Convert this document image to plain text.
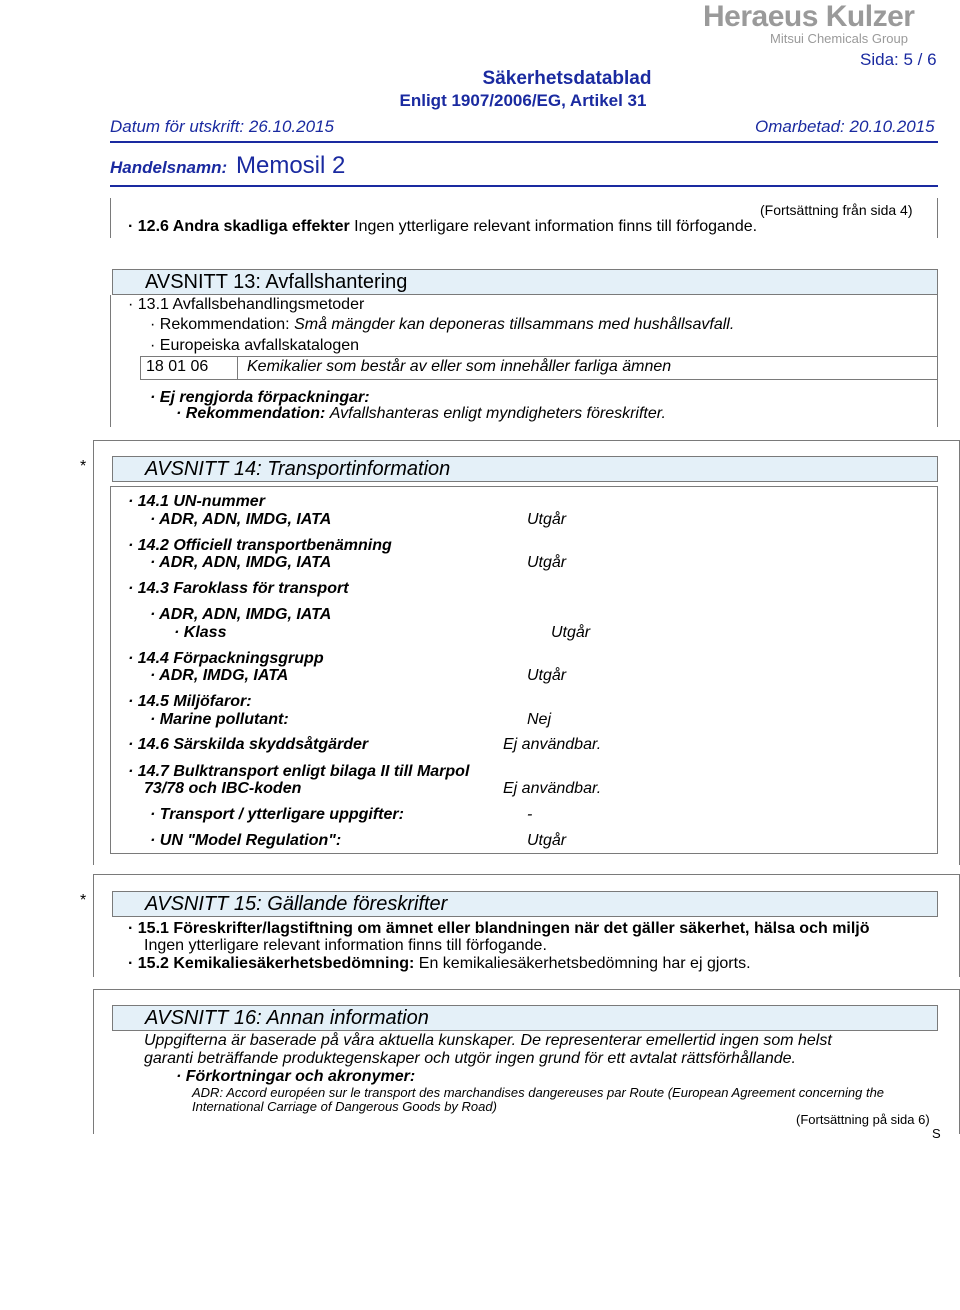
Heraeus Kulzer
Mitsui Chemicals Group
Sida: 5 / 6
Säkerhetsdatablad
Enligt 1907/2006/EG, Artikel 31
Datum för utskrift: 26.10.2015	Omarbetad: 20.10.2015
Handelsnamn: Memosil 2
(Fortsättning från sida 4)
· 12.6 Andra skadliga effekter Ingen ytterligare relevant information finns till förfogande.
AVSNITT 13: Avfallshantering
· 13.1 Avfallsbehandlingsmetoder
· Rekommendation: Små mängder kan deponeras tillsammans med hushållsavfall.
· Europeiska avfallskatalogen
18 01 06 Kemikalier som består av eller som innehåller farliga ämnen
· Ej rengjorda förpackningar:
· Rekommendation: Avfallshanteras enligt myndigheters föreskrifter.
*	AVSNITT 14: Transportinformation
· 14.1 UN-nummer
· ADR, ADN, IMDG, IATA	Utgår
· 14.2 Officiell transportbenämning
· ADR, ADN, IMDG, IATA	Utgår
· 14.3 Faroklass för transport
· ADR, ADN, IMDG, IATA
· Klass	Utgår
· 14.4 Förpackningsgrupp
· ADR, IMDG, IATA	Utgår
· 14.5 Miljöfaror:
· Marine pollutant:	Nej
· 14.6 Särskilda skyddsåtgärder	Ej användbar.
· 14.7 Bulktransport enligt bilaga II till Marpol
73/78 och IBC-koden	Ej användbar.
· Transport / ytterligare uppgifter:	-
· UN "Model Regulation":	Utgår
*	AVSNITT 15: Gällande föreskrifter
· 15.1 Föreskrifter/lagstiftning om ämnet eller blandningen när det gäller säkerhet, hälsa och miljö
Ingen ytterligare relevant information finns till förfogande.
· 15.2 Kemikaliesäkerhetsbedömning: En kemikaliesäkerhetsbedömning har ej gjorts.
AVSNITT 16: Annan information
Uppgifterna är baserade på våra aktuella kunskaper. De representerar emellertid ingen som helst
garanti beträffande produktegenskaper och utgör ingen grund för ett avtalat rättsförhållande.
· Förkortningar och akronymer:
ADR: Accord européen sur le transport des marchandises dangereuses par Route (European Agreement concerning the
International Carriage of Dangerous Goods by Road)
(Fortsättning på sida 6)
S
